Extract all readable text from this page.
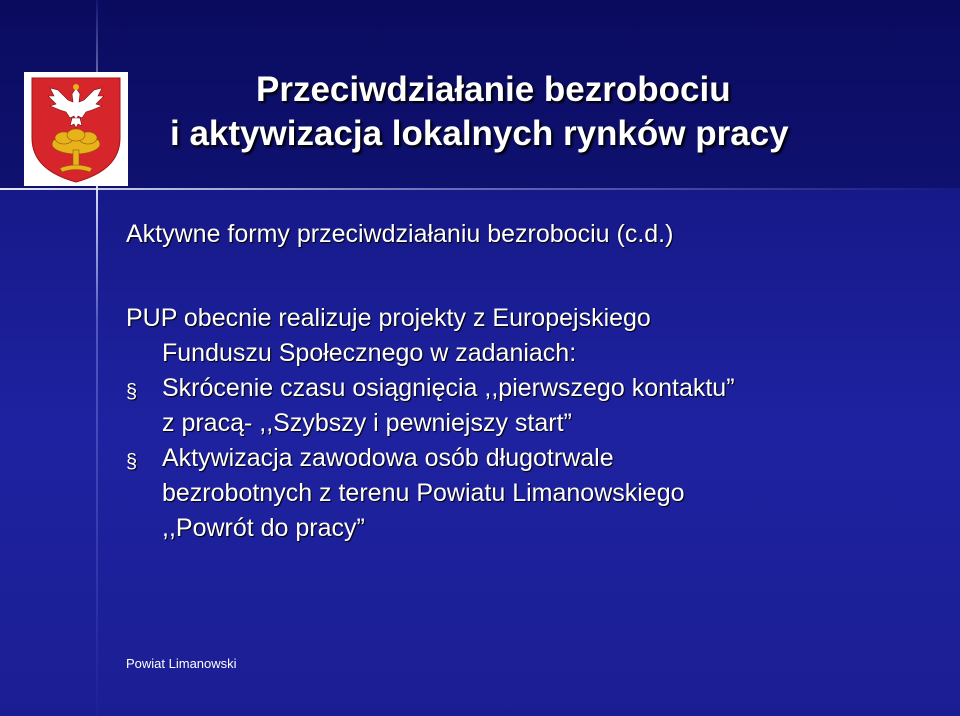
Przeciwdziałanie bezrobociu
i aktywizacja lokalnych rynków pracy
Aktywne formy przeciwdziałaniu bezrobociu (c.d.)
PUP obecnie realizuje projekty z Europejskiego
Funduszu Społecznego w zadaniach:
§ Skrócenie czasu osiągnięcia ,,pierwszego kontaktu”
z pracą- ,,Szybszy i pewniejszy start”
§ Aktywizacja zawodowa osób długotrwale
bezrobotnych z terenu Powiatu Limanowskiego
,,Powrót do pracy”
Powiat Limanowski
